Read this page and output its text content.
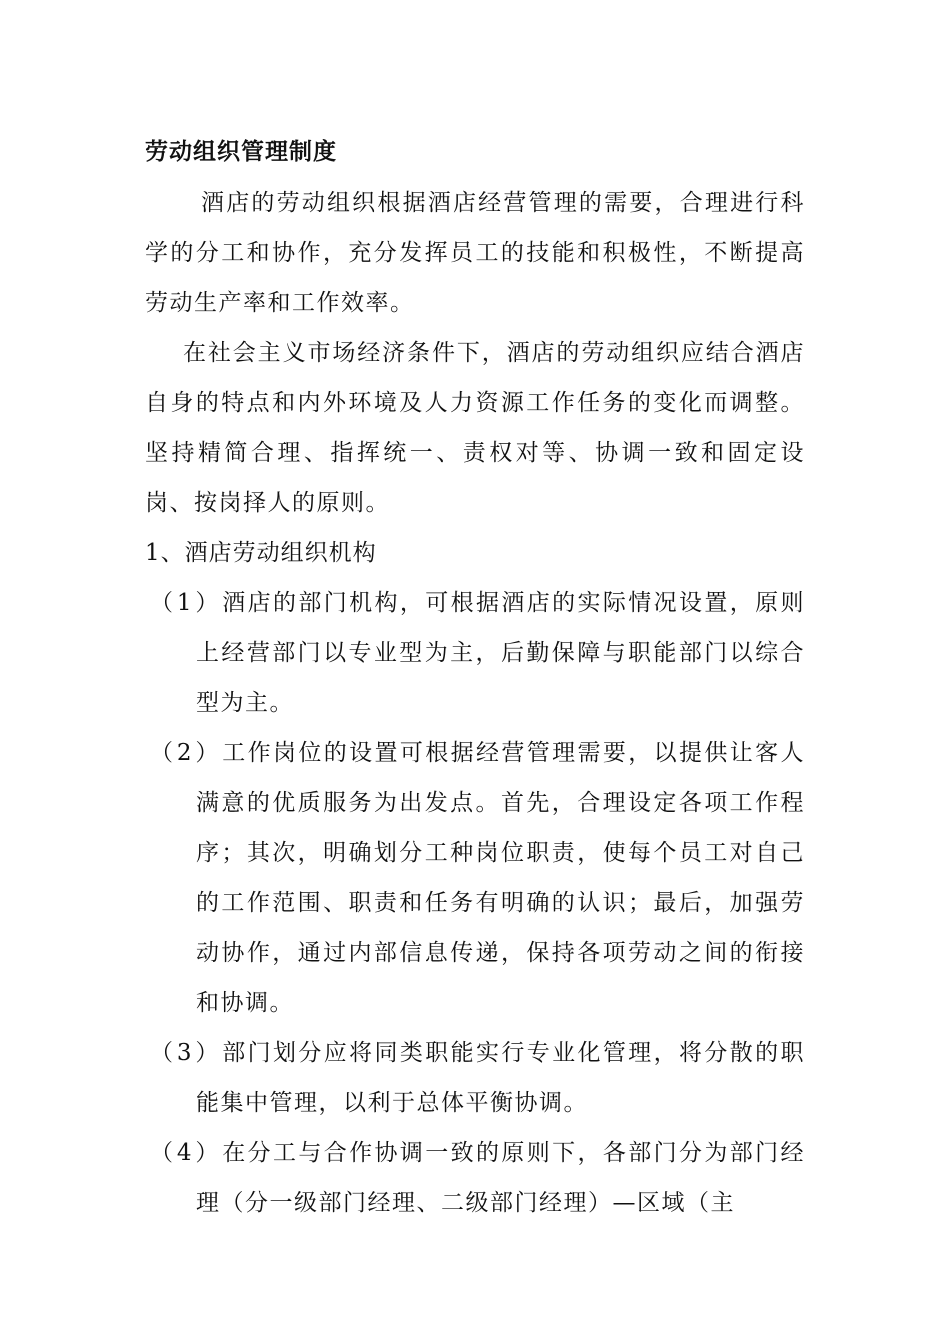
劳动组织管理制度

酒店的劳动组织根据酒店经营管理的需要，合理进行科学的分工和协作，充分发挥员工的技能和积极性，不断提高劳动生产率和工作效率。

在社会主义市场经济条件下，酒店的劳动组织应结合酒店自身的特点和内外环境及人力资源工作任务的变化而调整。坚持精简合理、指挥统一、责权对等、协调一致和固定设岗、按岗择人的原则。

1、酒店劳动组织机构

（1）酒店的部门机构，可根据酒店的实际情况设置，原则上经营部门以专业型为主，后勤保障与职能部门以综合型为主。

（2）工作岗位的设置可根据经营管理需要，以提供让客人满意的优质服务为出发点。首先，合理设定各项工作程序；其次，明确划分工种岗位职责，使每个员工对自己的工作范围、职责和任务有明确的认识；最后，加强劳动协作，通过内部信息传递，保持各项劳动之间的衔接和协调。

（3）部门划分应将同类职能实行专业化管理，将分散的职能集中管理，以利于总体平衡协调。

（4）在分工与合作协调一致的原则下，各部门分为部门经理（分一级部门经理、二级部门经理）—区域（主
